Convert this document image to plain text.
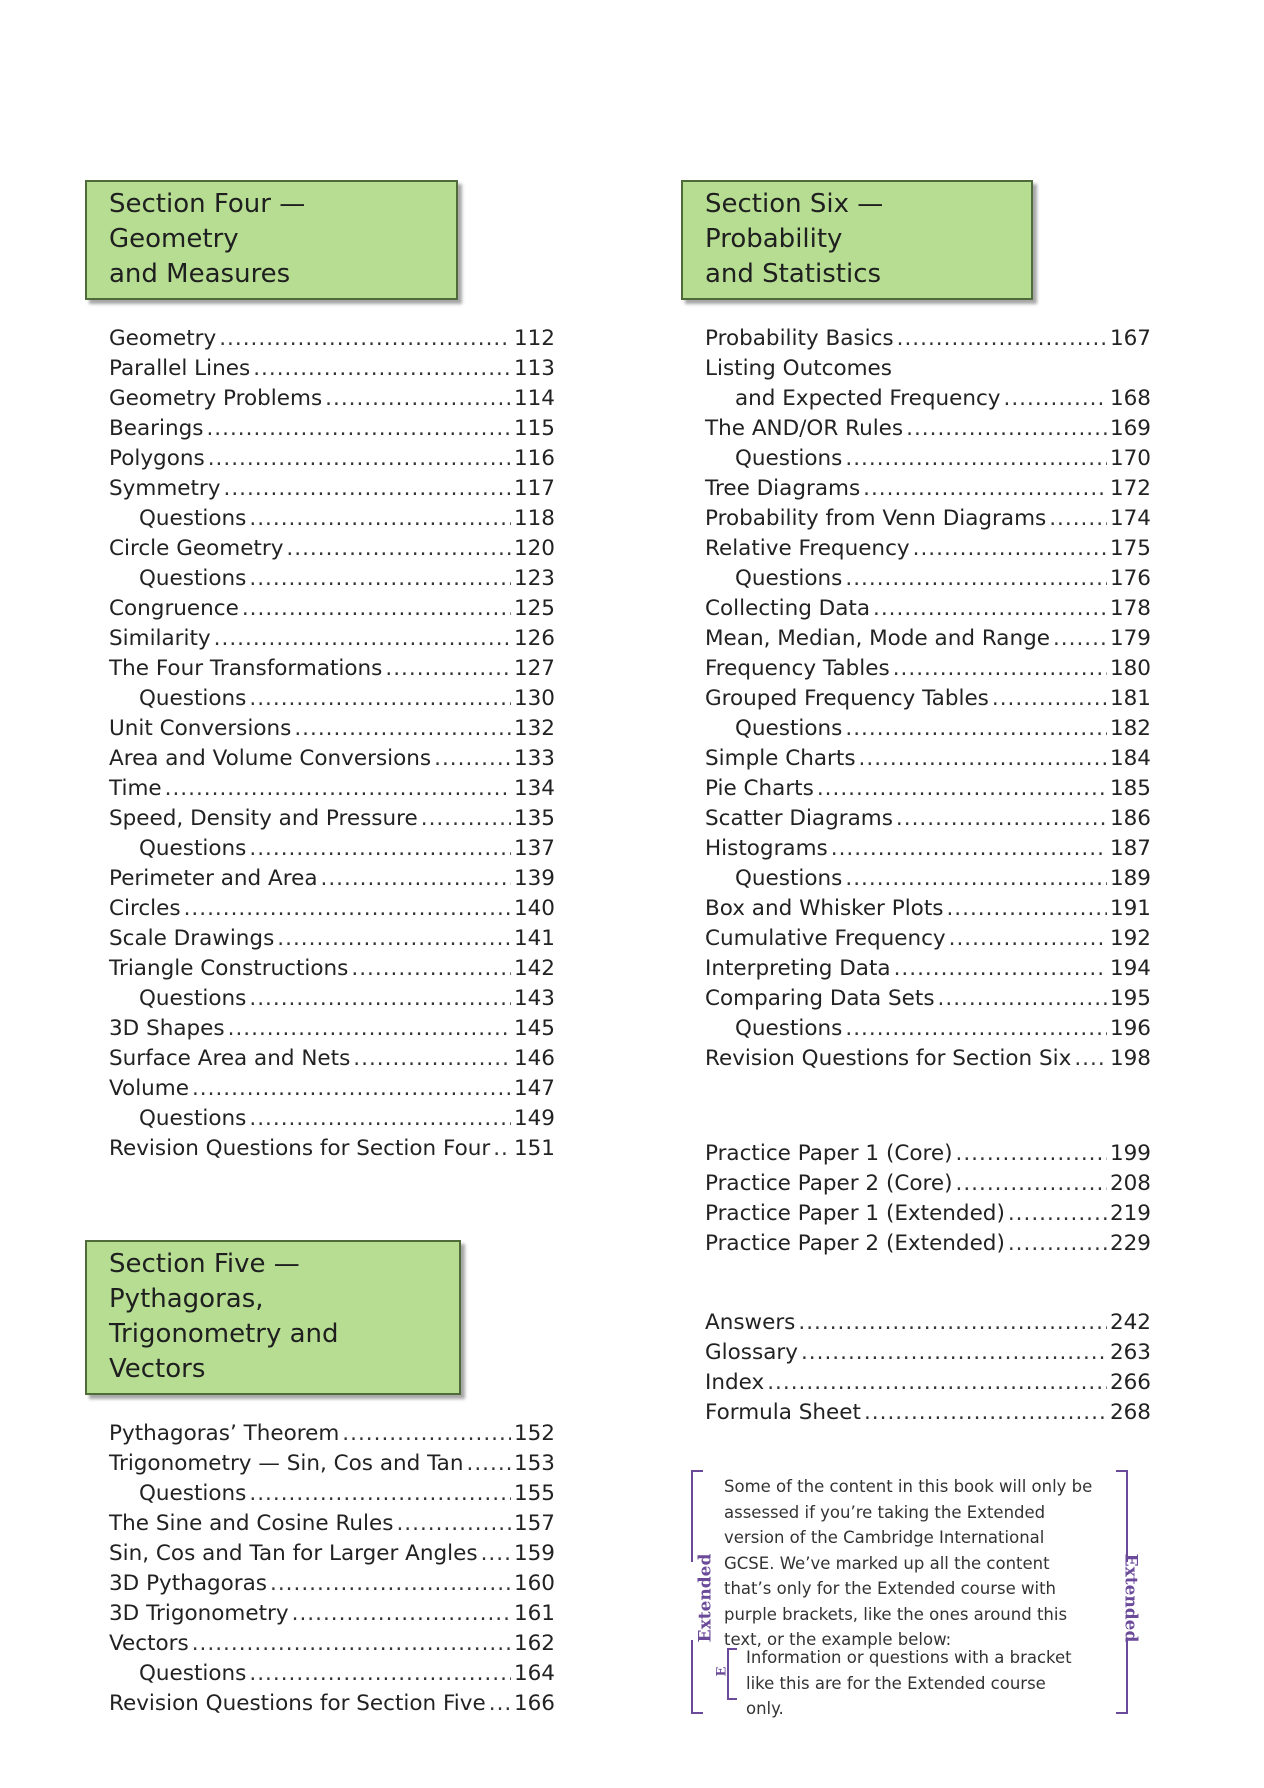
Section Four — Geometry
and Measures
Geometry .....	112
Parallel Lines .....	113
Geometry Problems .....	114
Bearings .....	115
Polygons .....	116
Symmetry .....	117
Questions .....	118
Circle Geometry .....	120
Questions .....	123
Congruence .....	125
Similarity .....	126
The Four Transformations .....	127
Questions .....	130
Unit Conversions .....	132
Area and Volume Conversions .....	133
Time .....	134
Speed, Density and Pressure .....	135
Questions .....	137
Perimeter and Area .....	139
Circles .....	140
Scale Drawings .....	141
Triangle Constructions .....	142
Questions .....	143
3D Shapes .....	145
Surface Area and Nets .....	146
Volume .....	147
Questions .....	149
Revision Questions for Section Four ..... 151
Section Five — Pythagoras,
Trigonometry and Vectors
Pythagoras’ Theorem .....	152
Trigonometry — Sin, Cos and Tan ..... 153
Questions .....	155
The Sine and Cosine Rules .....	157
Sin, Cos and Tan for Larger Angles ..... 159
3D Pythagoras .....	160
3D Trigonometry .....	161
Vectors .....	162
Questions .....	164
Revision Questions for Section Five ..... 166
Section Six — Probability
and Statistics
Probability Basics .....	167
Listing Outcomes
and Expected Frequency .....	168
The AND/OR Rules .....	169
Questions .....	170
Tree Diagrams .....	172
Probability from Venn Diagrams .....	174
Relative Frequency .....	175
Questions .....	176
Collecting Data .....	178
Mean, Median, Mode and Range .....	179
Frequency Tables .....	180
Grouped Frequency Tables .....	181
Questions .....	182
Simple Charts .....	184
Pie Charts .....	185
Scatter Diagrams .....	186
Histograms .....	187
Questions .....	189
Box and Whisker Plots .....	191
Cumulative Frequency .....	192
Interpreting Data .....	194
Comparing Data Sets .....	195
Questions .....	196
Revision Questions for Section Six ..... 198
Practice Paper 1 (Core) .....	199
Practice Paper 2 (Core) .....	208
Practice Paper 1 (Extended) .....	219
Practice Paper 2 (Extended) .....	229
Answers .....	242
Glossary .....	263
Index .....	266
Formula Sheet .....	268
Extended	Extended
Some of the content in this book will only be assessed if you’re taking the Extended version of the Cambridge International GCSE. We’ve marked up all the content that’s only for the Extended course with purple brackets, like the ones around this text, or the example below:
E
Information or questions with a bracket like this are for the Extended course only.
